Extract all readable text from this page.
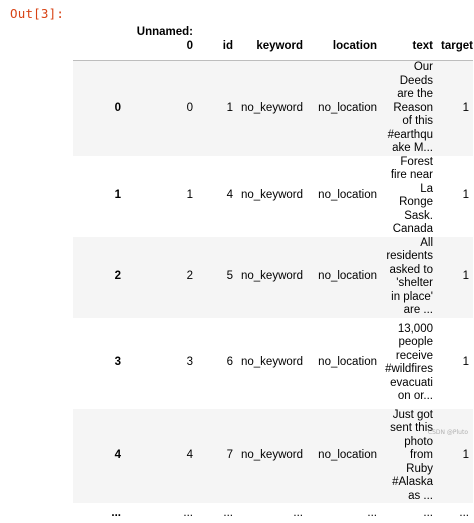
Out[3]:
	Unnamed: 0	id	keyword	location	text	target
0	0	1	no_keyword	no_location	Our Deeds are the Reason of this #earthquake M...	1
1	1	4	no_keyword	no_location	Forest fire near La Ronge Sask. Canada	1
2	2	5	no_keyword	no_location	All residents asked to 'shelter in place' are ...	1
3	3	6	no_keyword	no_location	13,000 people receive #wildfires evacuation or...	1
4	4	7	no_keyword	no_location	Just got sent this photo from Ruby #Alaska as ...	1
...	...	...	...	...	...	...
CSDN @Pluto
